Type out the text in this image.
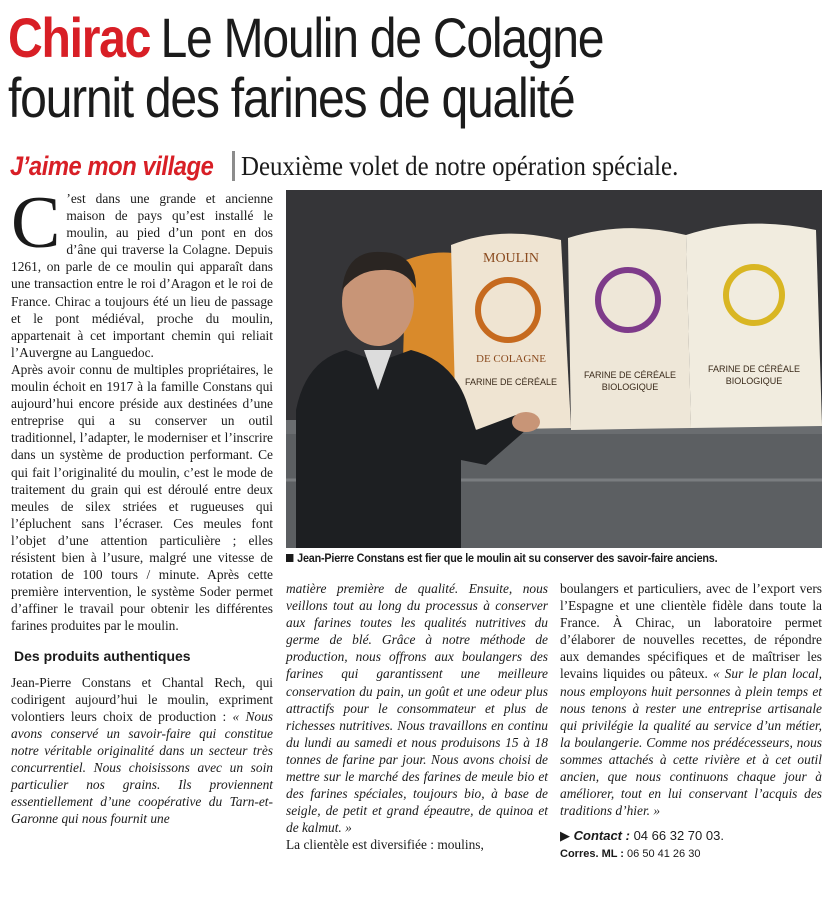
Chirac Le Moulin de Colagne
fournit des farines de qualité
J’aime mon village Deuxième volet de notre opération spéciale.

C ’est dans une grande et ancienne maison de pays qu’est installé le moulin, au pied d’un pont en dos d’âne qui traverse la Colagne. Depuis 1261, on parle de ce moulin qui apparaît dans une transaction entre le roi d’Aragon et le roi de France. Chirac a toujours été un lieu de passage et le pont médiéval, proche du moulin, appartenait à cet important chemin qui reliait l’Auvergne au Languedoc.

Après avoir connu de multiples propriétaires, le moulin échoit en 1917 à la famille Constans qui aujourd’hui encore préside aux destinées d’une entreprise qui a su conserver un outil traditionnel, l’adapter, le moderniser et l’inscrire dans un système de production performant. Ce qui fait l’originalité du moulin, c’est le mode de traitement du grain qui est déroulé entre deux meules de silex striées et rugueuses qui l’épluchent sans l’écraser. Ces meules font l’objet d’une attention particulière ; elles résistent bien à l’usure, malgré une vitesse de rotation de 100 tours / minute. Après cette première intervention, le système Soder permet d’affiner le travail pour obtenir les différentes farines produites par le moulin.

Des produits authentiques

Jean-Pierre Constans et Chantal Rech, qui codirigent aujourd’hui le moulin, expriment volontiers leurs choix de production : « Nous avons conservé un savoir-faire qui constitue notre véritable originalité dans un secteur très concurrentiel. Nous choisissons avec un soin particulier nos grains. Ils proviennent essentiellement d’une coopérative du Tarn-et-Garonne qui nous fournit une

MOULIN
DE COLAGNE
FARINE DE CÉRÉALE
FARINE DE CÉRÉALE
BIOLOGIQUE
FARINE DE CÉRÉALE
BIOLOGIQUE
Jean-Pierre Constans est fier que le moulin ait su conserver des savoir-faire anciens.

matière première de qualité. Ensuite, nous veillons tout au long du processus à conserver aux farines toutes les qualités nutritives du germe de blé. Grâce à notre méthode de production, nous offrons aux boulangers des farines qui garantissent une meilleure conservation du pain, un goût et une odeur plus attractifs pour le consommateur et plus de richesses nutritives. Nous travaillons en continu du lundi au samedi et nous produisons 15 à 18 tonnes de farine par jour. Nous avons choisi de mettre sur le marché des farines de meule bio et des farines spéciales, toujours bio, à base de seigle, de petit et grand épeautre, de quinoa et de kalmut. »

La clientèle est diversifiée : moulins,

boulangers et particuliers, avec de l’export vers l’Espagne et une clientèle fidèle dans toute la France. À Chirac, un laboratoire permet d’élaborer de nouvelles recettes, de répondre aux demandes spécifiques et de maîtriser les levains liquides ou pâteux. « Sur le plan local, nous employons huit personnes à plein temps et nous tenons à rester une entreprise artisanale qui privilégie la qualité au service d’un métier, la boulangerie. Comme nos prédécesseurs, nous sommes attachés à cette rivière et à cet outil ancien, que nous continuons chaque jour à améliorer, tout en lui conservant l’acquis des traditions d’hier. »

▶ Contact : 04 66 32 70 03.
Corres. ML : 06 50 41 26 30
